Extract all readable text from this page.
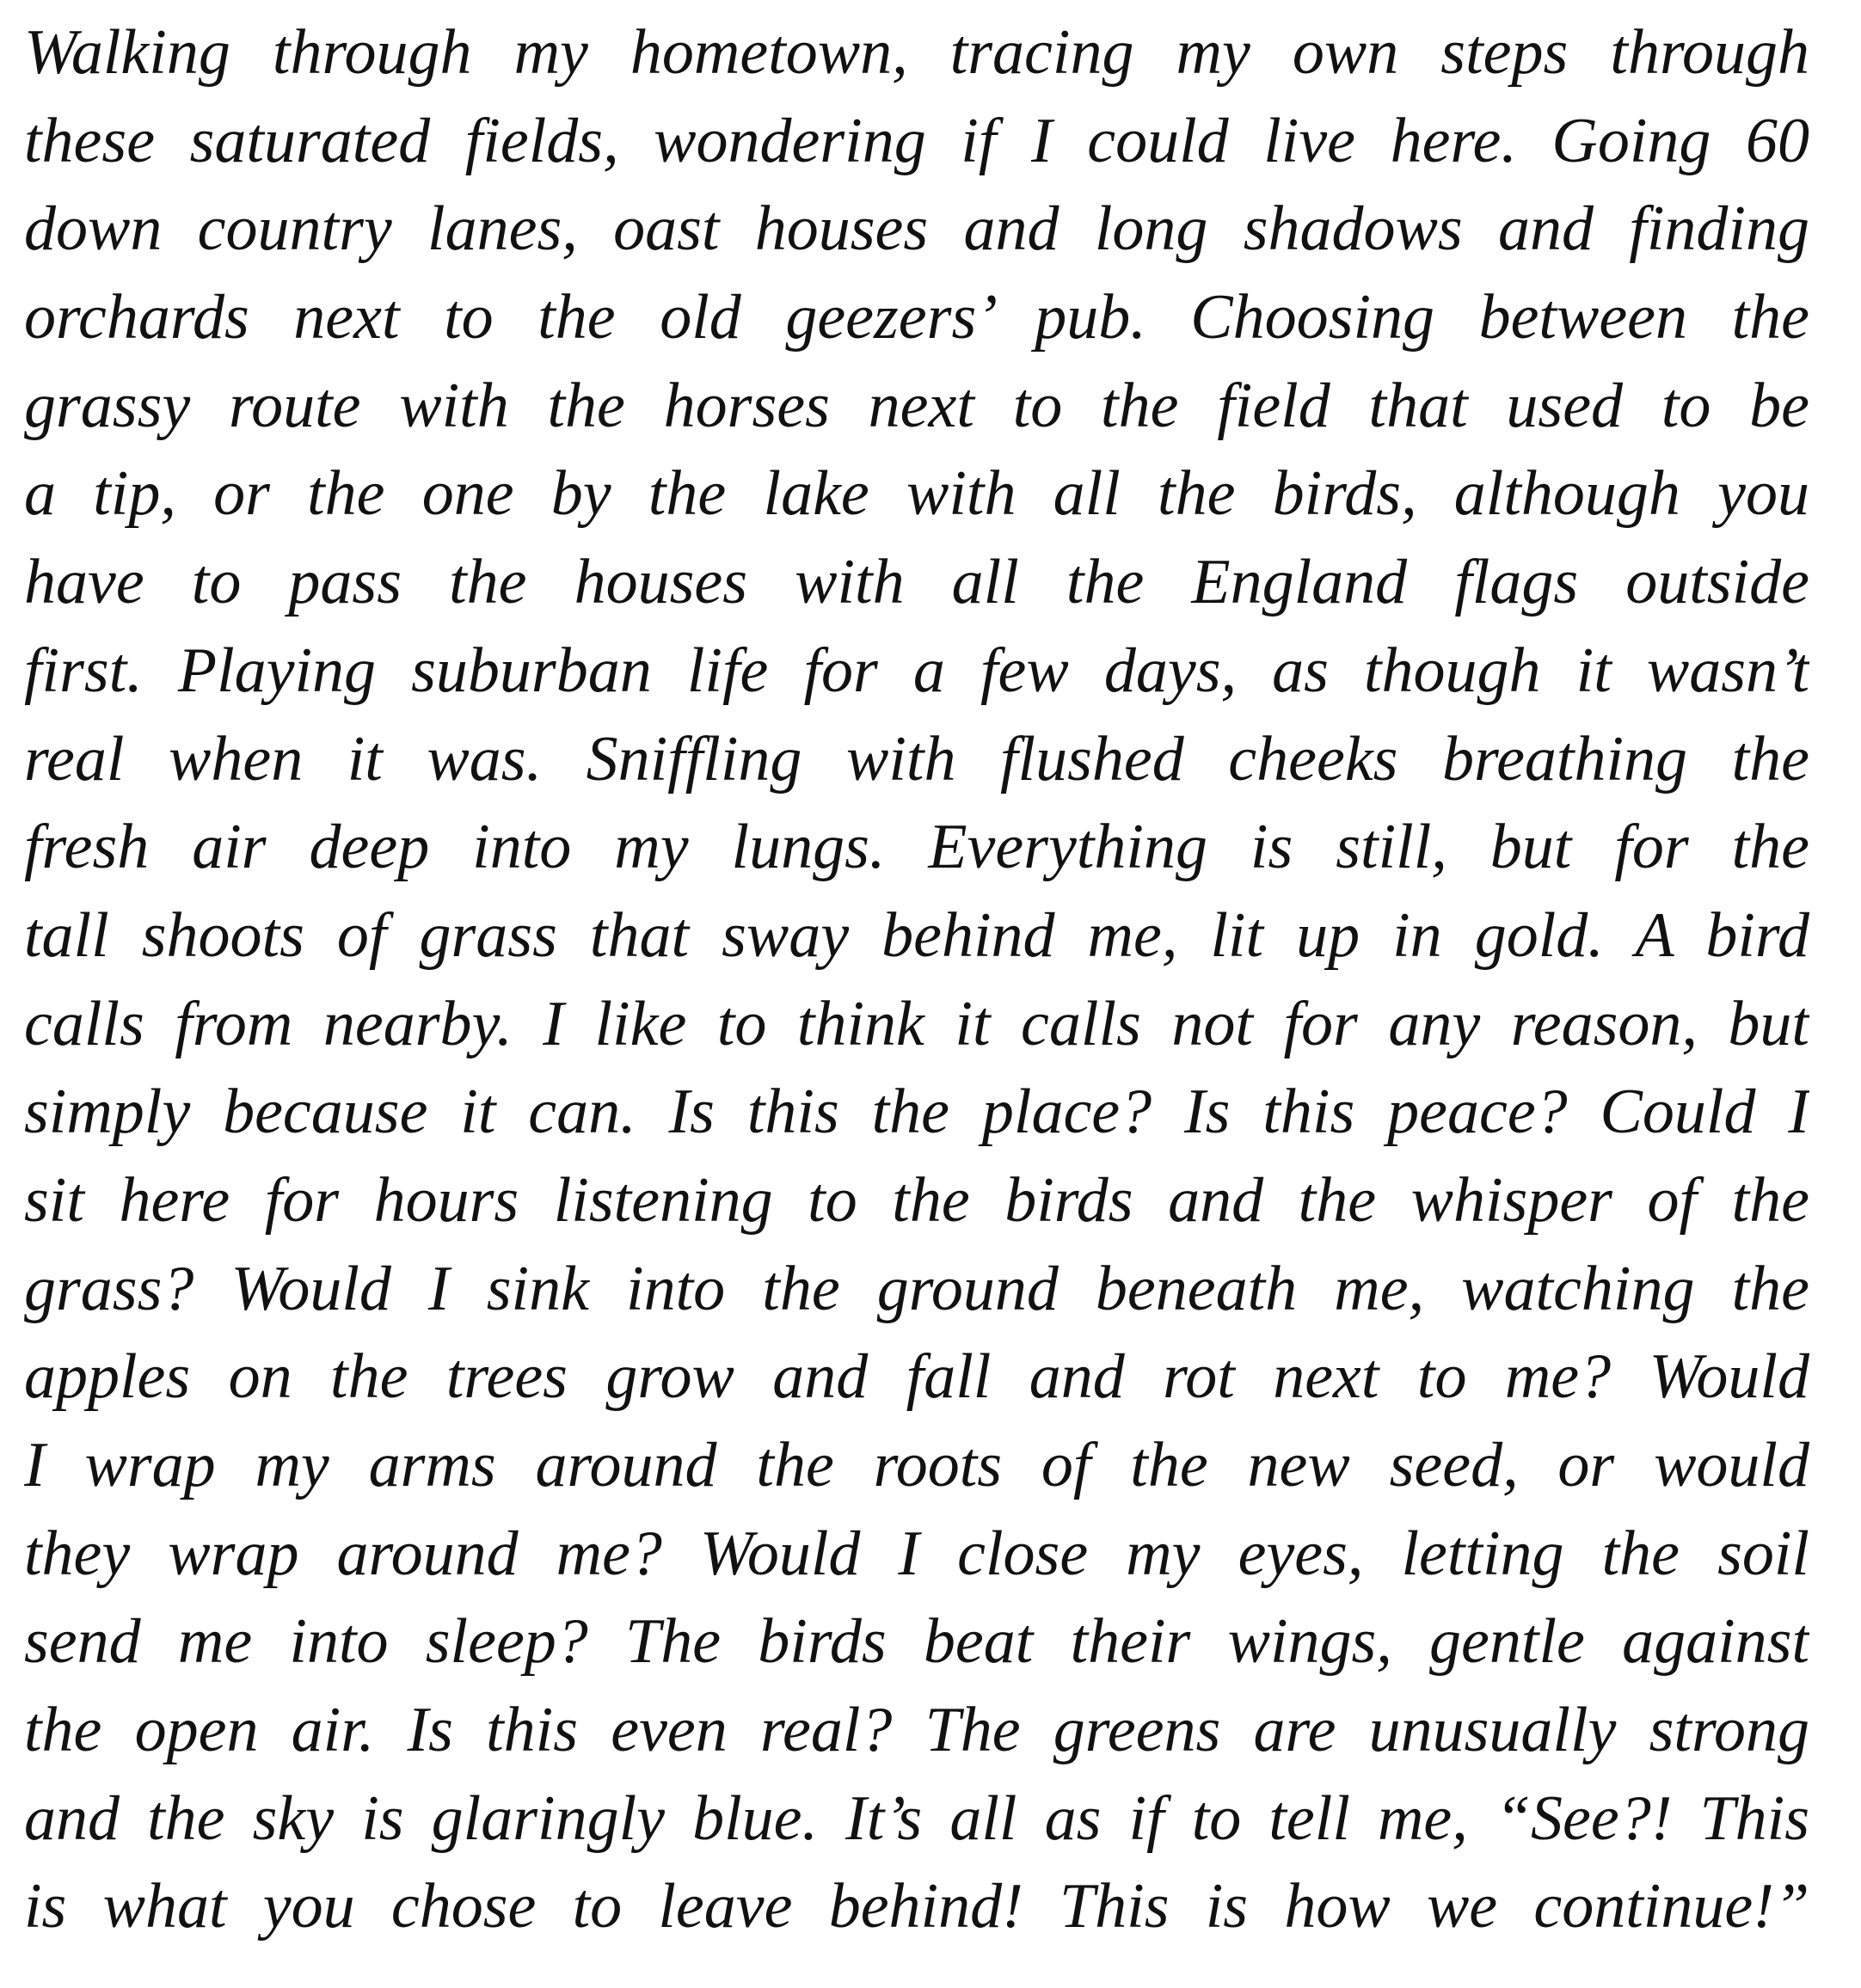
Walking through my hometown, tracing my own steps through
these saturated fields, wondering if I could live here. Going 60
down country lanes, oast houses and long shadows and finding
orchards next to the old geezers’ pub. Choosing between the
grassy route with the horses next to the field that used to be
a tip, or the one by the lake with all the birds, although you
have to pass the houses with all the England flags outside
first. Playing suburban life for a few days, as though it wasn’t
real when it was. Sniffling with flushed cheeks breathing the
fresh air deep into my lungs. Everything is still, but for the
tall shoots of grass that sway behind me, lit up in gold. A bird
calls from nearby. I like to think it calls not for any reason, but
simply because it can. Is this the place? Is this peace? Could I
sit here for hours listening to the birds and the whisper of the
grass? Would I sink into the ground beneath me, watching the
apples on the trees grow and fall and rot next to me? Would
I wrap my arms around the roots of the new seed, or would
they wrap around me? Would I close my eyes, letting the soil
send me into sleep? The birds beat their wings, gentle against
the open air. Is this even real? The greens are unusually strong
and the sky is glaringly blue. It’s all as if to tell me, “See?! This
is what you chose to leave behind! This is how we continue!”
